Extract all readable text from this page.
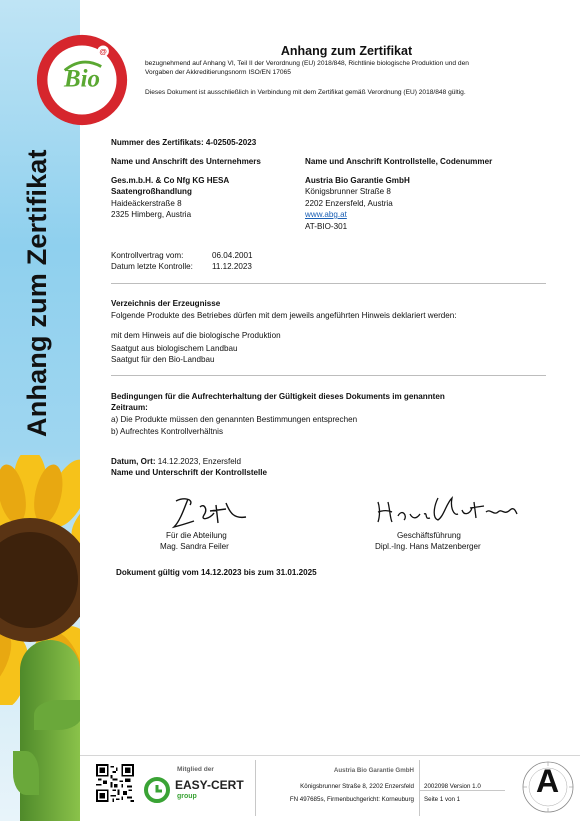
Anhang zum Zertifikat
Bio
GARANTIE
@	Anhang zum Zertifikat
bezugnehmend auf Anhang VI, Teil II der Verordnung (EU) 2018/848, Richtlinie biologische Produktion und den
Vorgaben der Akkreditierungsnorm ISO/EN 17065
Dieses Dokument ist ausschließlich in Verbindung mit dem Zertifikat gemäß Verordnung (EU) 2018/848 gültig.
Nummer des Zertifikats: 4-02505-2023
Name und Anschrift des Unternehmers
Ges.m.b.H. & Co Nfg KG HESA
Saatengroßhandlung
Haideäckerstraße 8
2325 Himberg, Austria
Name und Anschrift Kontrollstelle, Codenummer
Austria Bio Garantie GmbH
Königsbrunner Straße 8
2202 Enzersfeld, Austria
www.abg.at
AT-BIO-301
Kontrollvertrag vom:	06.04.2001
Datum letzte Kontrolle: 11.12.2023
Verzeichnis der Erzeugnisse
Folgende Produkte des Betriebes dürfen mit dem jeweils angeführten Hinweis deklariert werden:
mit dem Hinweis auf die biologische Produktion
Saatgut aus biologischem Landbau
Saatgut für den Bio-Landbau
Bedingungen für die Aufrechterhaltung der Gültigkeit dieses Dokuments im genannten
Zeitraum:
a) Die Produkte müssen den genannten Bestimmungen entsprechen
b) Aufrechtes Kontrollverhältnis
Datum, Ort: 14.12.2023, Enzersfeld
Name und Unterschrift der Kontrollstelle
Für die Abteilung
Mag. Sandra Feiler
Geschäftsführung
Dipl.-Ing. Hans Matzenberger
Dokument gültig vom 14.12.2023 bis zum 31.01.2025
Mitglied der
EASY-CERT
group
Austria Bio Garantie GmbH
Königsbrunner Straße 8, 2202 Enzersfeld
FN 497685s, Firmenbuchgericht: Korneuburg
2002098 Version 1.0
Seite 1 von 1
A
